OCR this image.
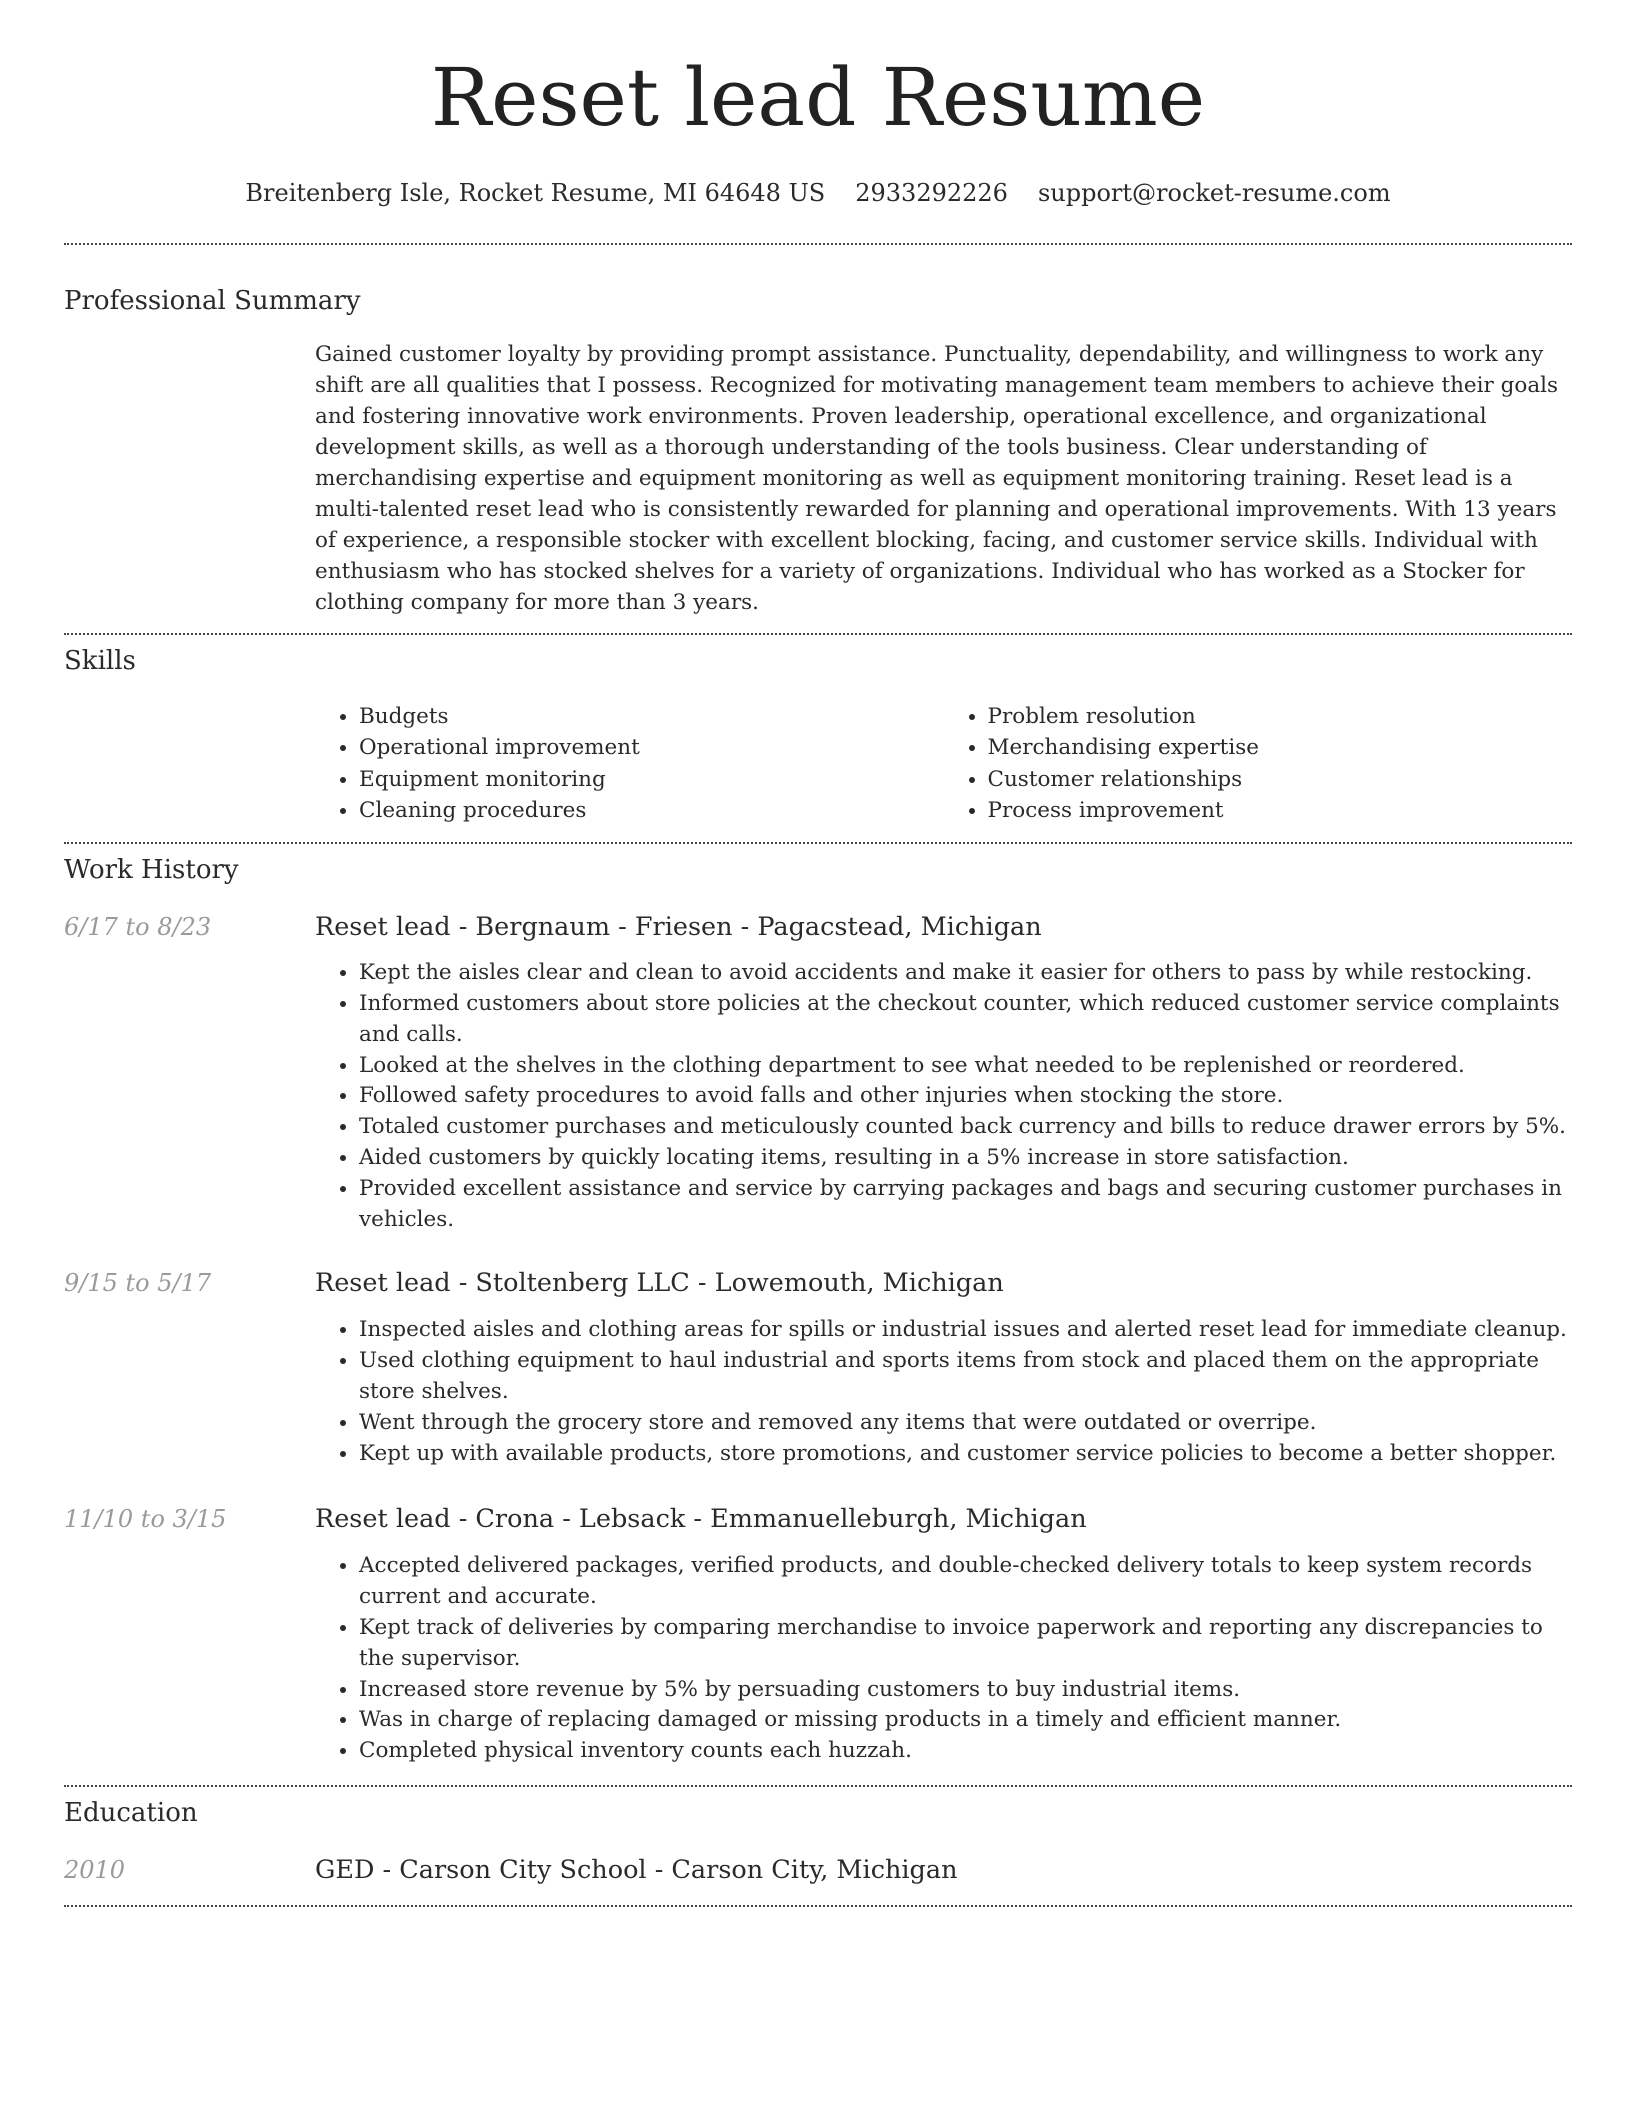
Reset lead Resume
Breitenberg Isle, Rocket Resume, MI 64648 US 2933292226 support@rocket-resume.com
Professional Summary
Gained customer loyalty by providing prompt assistance. Punctuality, dependability, and willingness to work any shift are all qualities that I possess. Recognized for motivating management team members to achieve their goals and fostering innovative work environments. Proven leadership, operational excellence, and organizational development skills, as well as a thorough understanding of the tools business. Clear understanding of merchandising expertise and equipment monitoring as well as equipment monitoring training. Reset lead is a multi-talented reset lead who is consistently rewarded for planning and operational improvements. With 13 years of experience, a responsible stocker with excellent blocking, facing, and customer service skills. Individual with enthusiasm who has stocked shelves for a variety of organizations. Individual who has worked as a Stocker for clothing company for more than 3 years.
Skills
• Budgets
• Operational improvement
• Equipment monitoring
• Cleaning procedures
• Problem resolution
• Merchandising expertise
• Customer relationships
• Process improvement
Work History
6/17 to 8/23	Reset lead - Bergnaum - Friesen - Pagacstead, Michigan
• Kept the aisles clear and clean to avoid accidents and make it easier for others to pass by while restocking.
• Informed customers about store policies at the checkout counter, which reduced customer service complaints and calls.
• Looked at the shelves in the clothing department to see what needed to be replenished or reordered.
• Followed safety procedures to avoid falls and other injuries when stocking the store.
• Totaled customer purchases and meticulously counted back currency and bills to reduce drawer errors by 5%.
• Aided customers by quickly locating items, resulting in a 5% increase in store satisfaction.
• Provided excellent assistance and service by carrying packages and bags and securing customer purchases in vehicles.
9/15 to 5/17	Reset lead - Stoltenberg LLC - Lowemouth, Michigan
• Inspected aisles and clothing areas for spills or industrial issues and alerted reset lead for immediate cleanup.
• Used clothing equipment to haul industrial and sports items from stock and placed them on the appropriate store shelves.
• Went through the grocery store and removed any items that were outdated or overripe.
• Kept up with available products, store promotions, and customer service policies to become a better shopper.
11/10 to 3/15	Reset lead - Crona - Lebsack - Emmanuelleburgh, Michigan
• Accepted delivered packages, verified products, and double-checked delivery totals to keep system records current and accurate.
• Kept track of deliveries by comparing merchandise to invoice paperwork and reporting any discrepancies to the supervisor.
• Increased store revenue by 5% by persuading customers to buy industrial items.
• Was in charge of replacing damaged or missing products in a timely and efficient manner.
• Completed physical inventory counts each huzzah.
Education
2010	GED - Carson City School - Carson City, Michigan
